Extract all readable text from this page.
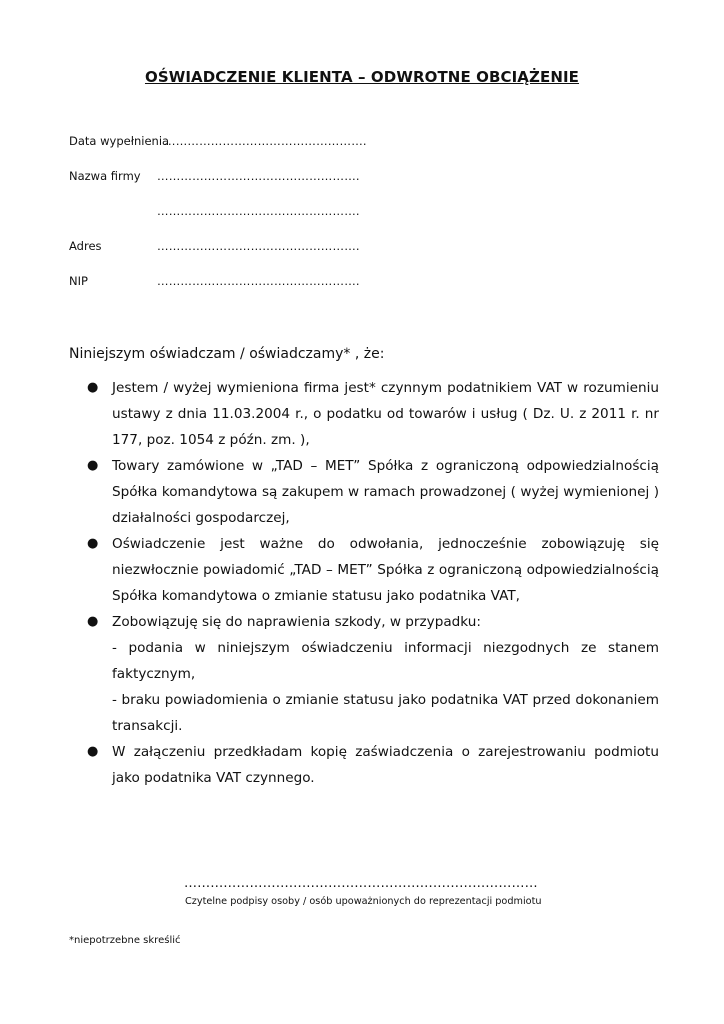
OŚWIADCZENIE KLIENTA – ODWROTNE OBCIĄŻENIE
Data wypełnienia
…………………………………………….
Nazwa firmy …………………………………………….
…………………………………………….
Adres	…………………………………………….
NIP	…………………………………………….
Niniejszym oświadczam / oświadczamy* , że:
● Jestem / wyżej wymieniona firma jest* czynnym podatnikiem VAT w rozumieniu ustawy z dnia 11.03.2004 r., o podatku od towarów i usług ( Dz. U. z 2011 r. nr 177, poz. 1054 z późn. zm. ),
● Towary zamówione w „TAD – MET” Spółka z ograniczoną odpowiedzialnością Spółka komandytowa są zakupem w ramach prowadzonej ( wyżej wymienionej ) działalności gospodarczej,
● Oświadczenie jest ważne do odwołania, jednocześnie zobowiązuję się niezwłocznie powiadomić „TAD – MET” Spółka z ograniczoną odpowiedzialnością Spółka komandytowa o zmianie statusu jako podatnika VAT,
● Zobowiązuję się do naprawienia szkody, w przypadku:
- podania w niniejszym oświadczeniu informacji niezgodnych ze stanem faktycznym,
- braku powiadomienia o zmianie statusu jako podatnika VAT przed dokonaniem transakcji.
● W załączeniu przedkładam kopię zaświadczenia o zarejestrowaniu podmiotu jako podatnika VAT czynnego.
………………………………………………………………………
Czytelne podpisy osoby / osób upoważnionych do reprezentacji podmiotu
*niepotrzebne skreślić
